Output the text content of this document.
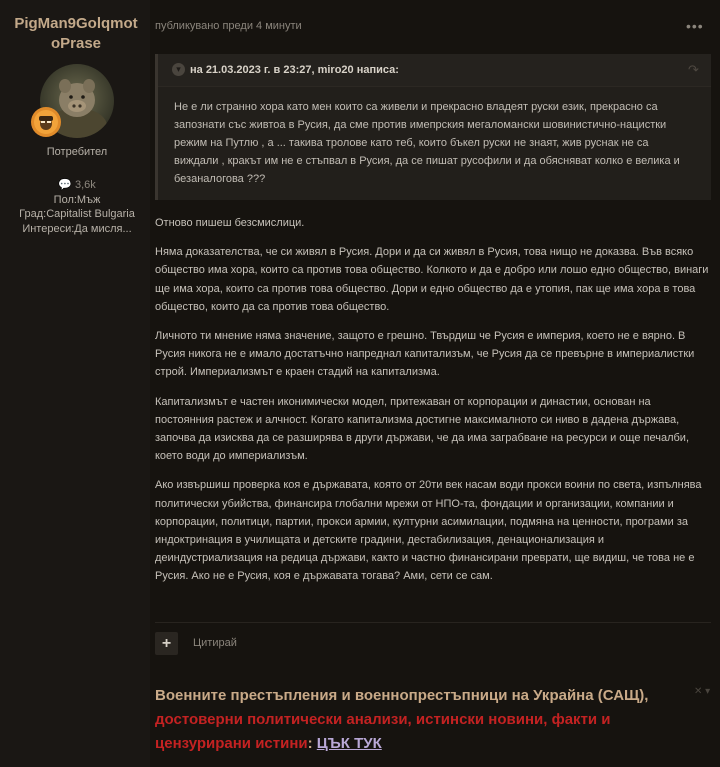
PigMan9Golqmot
oPrase
Потребител
💬 3,6k
Пол:Мъж
Град:Capitalist Bulgaria
Интереси:Да мисля...
публикувано преди 4 минути	•••
▾ на 21.03.2023 г. в 23:27, miro20 написа:	↷
Не е ли странно хора като мен които са живели и прекрасно владеят руски език, прекрасно са запознати със живтоа в Русия, да сме против имепрския мегаломански шовинистично-нацистки режим на Путлю , а ... такива тролове като теб, които бъкел руски не знаят, жив руснак не са виждали , кракът им не е стъпвал в Русия, да се пишат русофили и да обясняват колко е велика и безаналогова ???

Отново пишеш безсмислици.

Няма доказателства, че си живял в Русия. Дори и да си живял в Русия, това нищо не доказва. Във всяко общество има хора, които са против това общество. Колкото и да е добро или лошо едно общество, винаги ще има хора, които са против това общество. Дори и едно общество да е утопия, пак ще има хора в това общество, които да са против това общество.

Личното ти мнение няма значение, защото е грешно. Твърдиш че Русия е империя, което не е вярно. В Русия никога не е имало достатъчно напреднал капитализъм, че Русия да се превърне в империалистки строй. Империализмът е краен стадий на капитализма.

Капитализмът е частен иконимически модел, притежаван от корпорации и династии, основан на постоянния растеж и алчност. Когато капитализма достигне максималното си ниво в дадена държава, започва да изисква да се разширява в други държави, че да има заграбване на ресурси и още печалби, което води до империализъм.

Ако извършиш проверка коя е държавата, която от 20ти век насам води прокси воини по света, изпълнява политически убийства, финансира глобални мрежи от НПО-та, фондации и организации, компании и корпорации, политици, партии, прокси армии, културни асимилации, подмяна на ценности, програми за индоктринация в училищата и детските градини, дестабилизация, денационализация и деиндустриализация на редица държави, както и частно финансирани преврати, ще видиш, че това не е Русия. Ако не е Русия, коя е държавата тогава? Ами, сети се сам.

+	Цитирай
✕ ▾
Военните престъпления и военнопрестъпници на Украйна (САЩ), достоверни политически анализи, истински новини, факти и цензурирани истини: ЦЪК ТУК
